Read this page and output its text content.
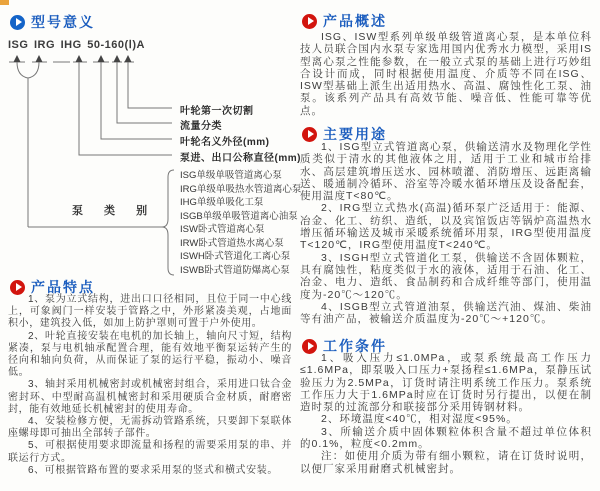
型号意义
ISG IRG IHG 50-160(Ⅰ)A
叶轮第一次切割
流量分类
叶轮名义外径(mm)
泵进、出口公称直径(mm)
泵 类 别

ISG单级单吸管道离心泵

IRG单级单吸热水管道离心泵

IHG单级单吸化工泵

ISGB单级单吸管道离心油泵

ISW卧式管道离心泵

IRW卧式管道热水离心泵

ISWH卧式管道化工离心泵

ISWB卧式管道防爆离心泵

产品特点

1、泵为立式结构，进出口口径相同，且位于同一中心线上，可象阀门一样安装于管路之中，外形紧凑美观，占地面积小，建筑投入低，如加上防护罩则可置于户外使用。

2、叶轮直接安装在电机的加长轴上，轴向尺寸短，结构紧凑，泵与电机轴承配置合理，能有效地平衡泵运转产生的径向和轴向负荷，从而保证了泵的运行平稳，振动小、噪音低。

3、轴封采用机械密封或机械密封组合，采用进口钛合金密封环、中型耐高温机械密封和采用硬质合金材质，耐磨密封，能有效地延长机械密封的使用寿命。

4、安装检修方便，无需拆动管路系统，只要卸下泵联体座螺母即可抽出全部转子部件。

5、可根据使用要求即流量和扬程的需要采用泵的串、并联运行方式。

6、可根据管路布置的要求采用泵的竖式和横式安装。

产品概述

ISG、ISW型系列单级单级管道离心泵，是本单位科技人员联合国内水泵专家选用国内优秀水力模型，采用IS型离心泵之性能参数，在一般立式泵的基础上进行巧妙组合设计而成，同时根据使用温度、介质等不同在ISG、ISW型基础上派生出适用热水、高温、腐蚀性化工泵、油泵。该系列产品具有高效节能、噪音低、性能可靠等优点。

主要用途

1、ISG型立式管道离心泵，供输送清水及物理化学性质类似于清水的其他液体之用，适用于工业和城市给排水、高层建筑增压送水、园林喷灌、消防增压、远距离输送、暖通制冷循环、浴室等冷暖水循环增压及设备配套，使用温度T<80℃。

2、IRG型立式热水(高温)循环泵广泛适用于：能源、冶金、化工、纺织、造纸，以及宾馆饭店等锅炉高温热水增压循环输送及城市采暖系统循环用泵，IRG型使用温度T<120℃，IRG型使用温度T<240℃。

3、ISGH型立式管道化工泵，供输送不含固体颗粒，具有腐蚀性，粘度类似于水的液体，适用于石油、化工、冶金、电力、造纸、食品制药和合成纤维等部门，使用温度为-20℃～120℃。

4、ISGB型立式管道油泵，供输送汽油、煤油、柴油等有油产品，被输送介质温度为-20℃～+120℃。

工作条件

1、吸入压力≤1.0MPa，或泵系统最高工作压力≤1.6MPa，即泵吸入口压力+泵扬程≤1.6MPa，泵静压试验压力为2.5MPa，订货时请注明系统工作压力。泵系统工作压力大于1.6MPa时应在订货时另行提出，以便在制造时泵的过流部分和联接部分采用铸钢材料。

2、环境温度<40℃，相对湿度<95%。

3、所输送介质中固体颗粒体积含量不超过单位体积的0.1%，粒度<0.2mm。

注：如使用介质为带有细小颗粒，请在订货时说明，以便厂家采用耐磨式机械密封。
